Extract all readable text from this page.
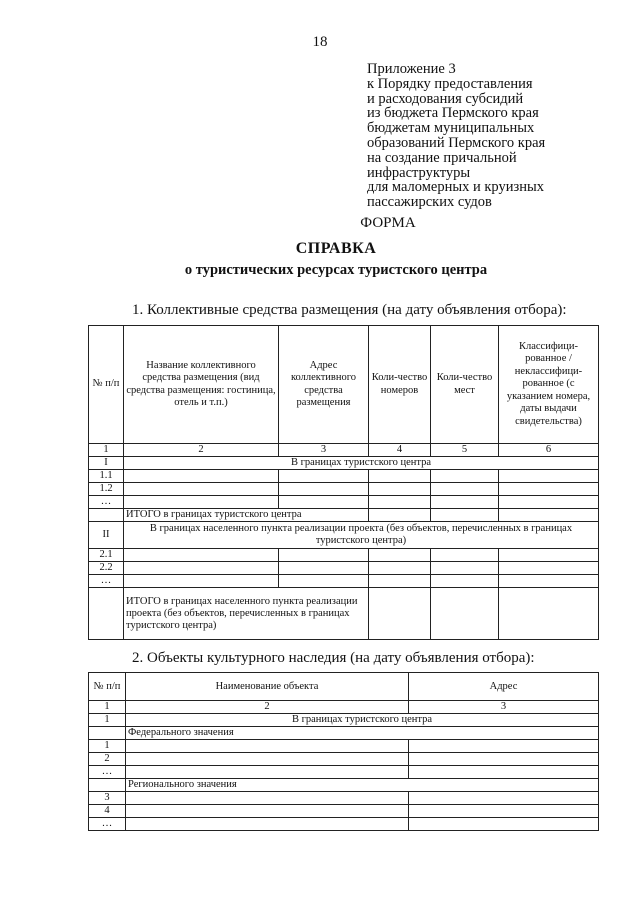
18
Приложение 3
к Порядку предоставления
и расходования субсидий
из бюджета Пермского края
бюджетам муниципальных
образований Пермского края
на создание причальной
инфраструктуры
для маломерных и круизных
пассажирских судов
ФОРМА
СПРАВКА
о туристических ресурсах туристского центра
1. Коллективные средства размещения (на дату объявления отбора):
№ п/п	Название коллективного средства размещения (вид средства размещения: гостиница, отель и т.п.)	Адрес коллективного средства размещения	Коли-чество номеров	Коли-чество мест	Классифици-рованное / неклассифици-рованное (с указанием номера, даты выдачи свидетельства)
1	2	3	4	5	6
I	В границах туристского центра				
1.1					
1.2					
…					
	ИТОГО в границах туристского центра				
II	В границах населенного пункта реализации проекта (без объектов, перечисленных в границах туристского центра)				
2.1					
2.2					
…					
	ИТОГО в границах населенного пункта реализации проекта (без объектов, перечисленных в границах туристского центра)				
2. Объекты культурного наследия (на дату объявления отбора):
№ п/п	Наименование объекта	Адрес
1	2	3
1	В границах туристского центра	
	Федерального значения	
1		
2		
…		
	Регионального значения	
3		
4		
…		
